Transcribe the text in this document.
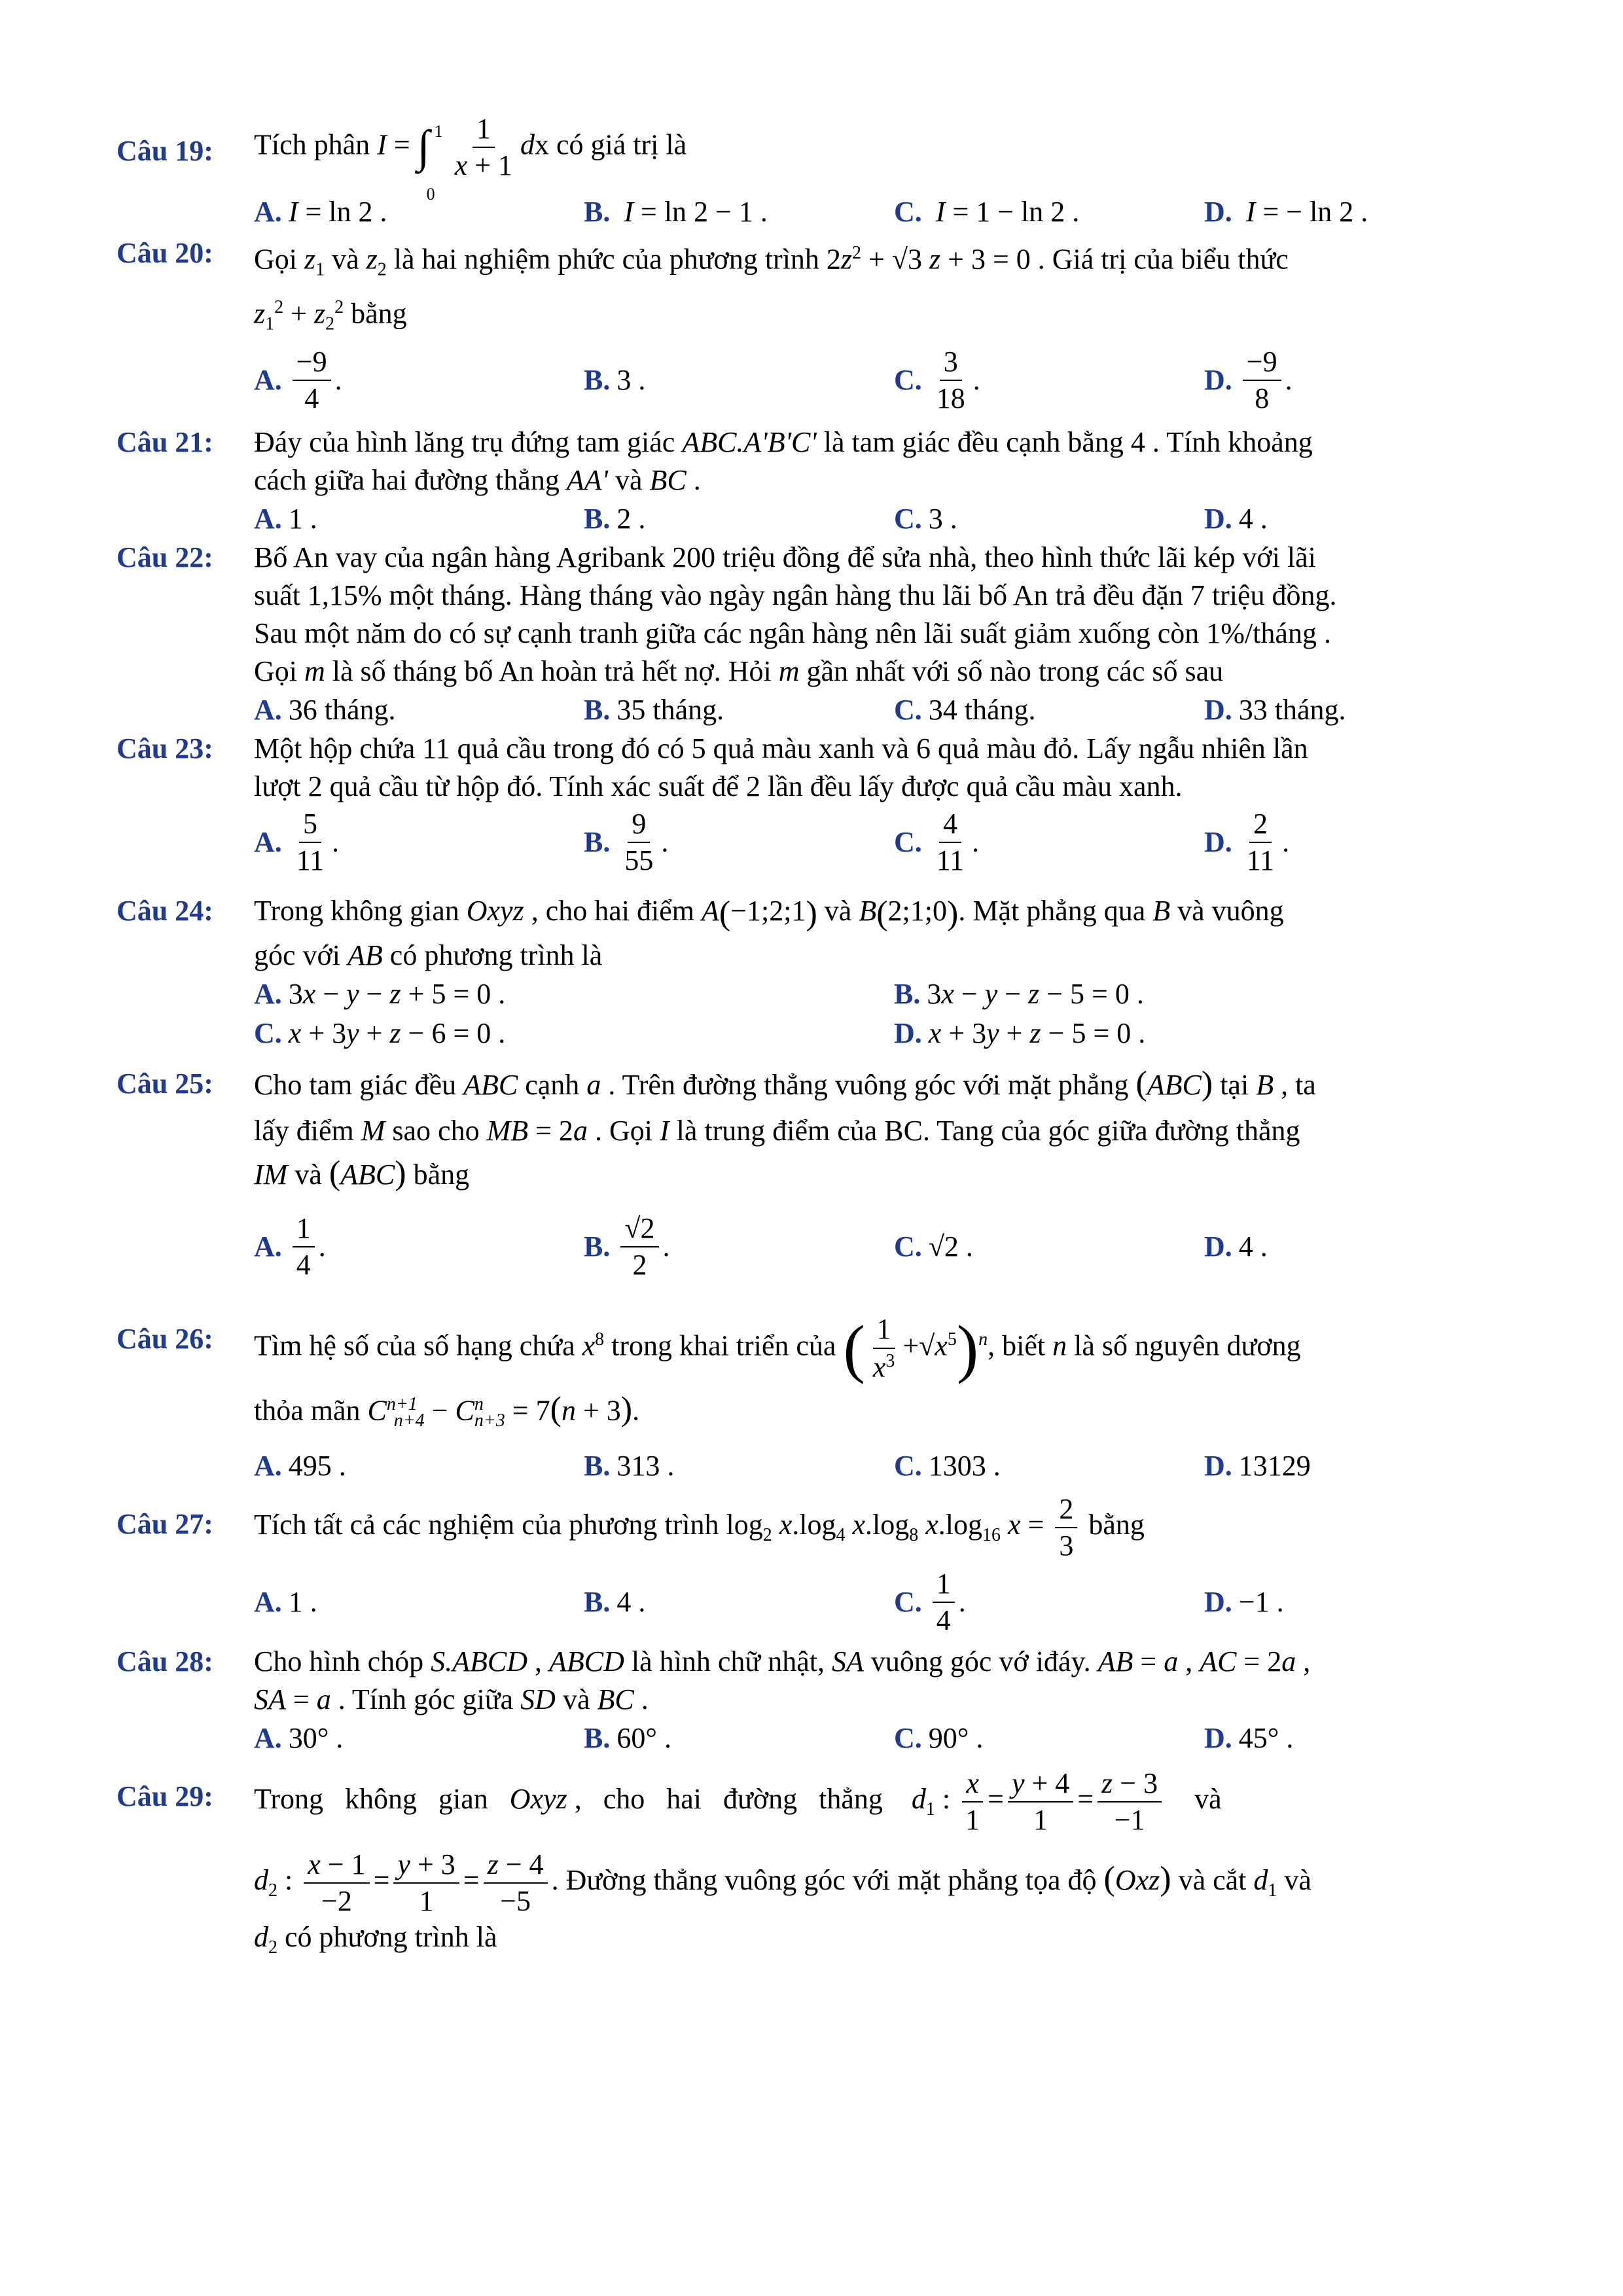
Câu 19:	Tích phân I = ∫ 1
0

$\frac{1}{x + 1}$ dx có giá trị là
A. I = ln 2 .	B. I = ln 2 − 1 .	C. I = 1 − ln 2 .	D. I = − ln 2 .
Câu 20:	Gọi $z_1$ và $z_2$ là hai nghiệm phức của phương trình $2z^2 + √3$ z + 3 = 0 . Giá trị của biểu thức
$z_1^2 + z_2^2$ bằng
A. $\frac{-9}{4}$ .	B. 3 .	C. $\frac{3}{18}$ .	D. $\frac{-9}{8}$ .
Câu 21:	Đáy của hình lăng trụ đứng tam giác ABC.A'B'C' là tam giác đều cạnh bằng 4 . Tính khoảng
cách giữa hai đường thẳng AA' và BC .
A. 1 .	B. 2 .	C. 3 .	D. 4 .
Câu 22:	Bố An vay của ngân hàng Agribank 200 triệu đồng để sửa nhà, theo hình thức lãi kép với lãi
suất 1,15% một tháng. Hàng tháng vào ngày ngân hàng thu lãi bố An trả đều đặn 7 triệu đồng.
Sau một năm do có sự cạnh tranh giữa các ngân hàng nên lãi suất giảm xuống còn 1%/tháng .
Gọi m là số tháng bố An hoàn trả hết nợ. Hỏi m gần nhất với số nào trong các số sau
A. 36 tháng.	B. 35 tháng.	C. 34 tháng.	D. 33 tháng.
Câu 23:	Một hộp chứa 11 quả cầu trong đó có 5 quả màu xanh và 6 quả màu đỏ. Lấy ngẫu nhiên lần
lượt 2 quả cầu từ hộp đó. Tính xác suất để 2 lần đều lấy được quả cầu màu xanh.
A. $\frac{5}{11}$ .	B. $\frac{9}{55}$ .	C. $\frac{4}{11}$ .	D. $\frac{2}{11}$ .
Câu 24:	Trong không gian Oxyz , cho hai điểm A(−1;2;1) và B(2;1;0). Mặt phẳng qua B và vuông
góc với AB có phương trình là
A. 3x − y − z + 5 = 0 .	B. 3x − y − z − 5 = 0 .
C. x + 3y + z − 6 = 0 .	D. x + 3y + z − 5 = 0 .
Câu 25:	Cho tam giác đều ABC cạnh a . Trên đường thẳng vuông góc với mặt phẳng (ABC) tại B , ta
lấy điểm M sao cho MB = 2a . Gọi I là trung điểm của BC. Tang của góc giữa đường thẳng
IM và (ABC) bằng
A. $\frac{1}{4}$ .	B. $\frac{√2}{2}$ .	C. √2 .	D. 4 .
Câu 26:	Tìm hệ số của số hạng chứa $x^8$ trong khai triển của ( $\frac{1}{x^3} +√x^5)^n$, biết n là số nguyên dương
thỏa mãn $C^{n+1}_{n+4} - C^n_{n+3} = 7(n + 3)$.
A. 495 .	B. 313 .	C. 1303 .	D. 13129
Câu 27:	Tích tất cả các nghiệm của phương trình $\log_2 x.\log_4$ $x.\log_8$ $x.\log_{16}$ $x = \frac{2}{3}$ bằng
A. 1 .	B. 4 .	C. $\frac{1}{4}$ .	D. −1 .
Câu 28:	Cho hình chóp S.ABCD , ABCD là hình chữ nhật, SA vuông góc vớ iđáy. AB = a , AC = 2a ,
SA = a . Tính góc giữa SD và BC .
A. 30° .	B. 60° .	C. 90° .	D. 45° .
Câu 29:	Trong   không   gian   Oxyz ,   cho   hai   đường   thẳng    $d_1$ : $\frac{x}{1} = \frac{y + 4}{1} = \frac{z - 3}{-1}$ và
$d_2$ : $\frac{x - 1}{-2} = \frac{y + 3}{1} = \frac{z - 4}{-5}$ . Đường thẳng vuông góc với mặt phẳng tọa độ (Oxz) và cắt $d_1$ và
$d_2$ có phương trình là
